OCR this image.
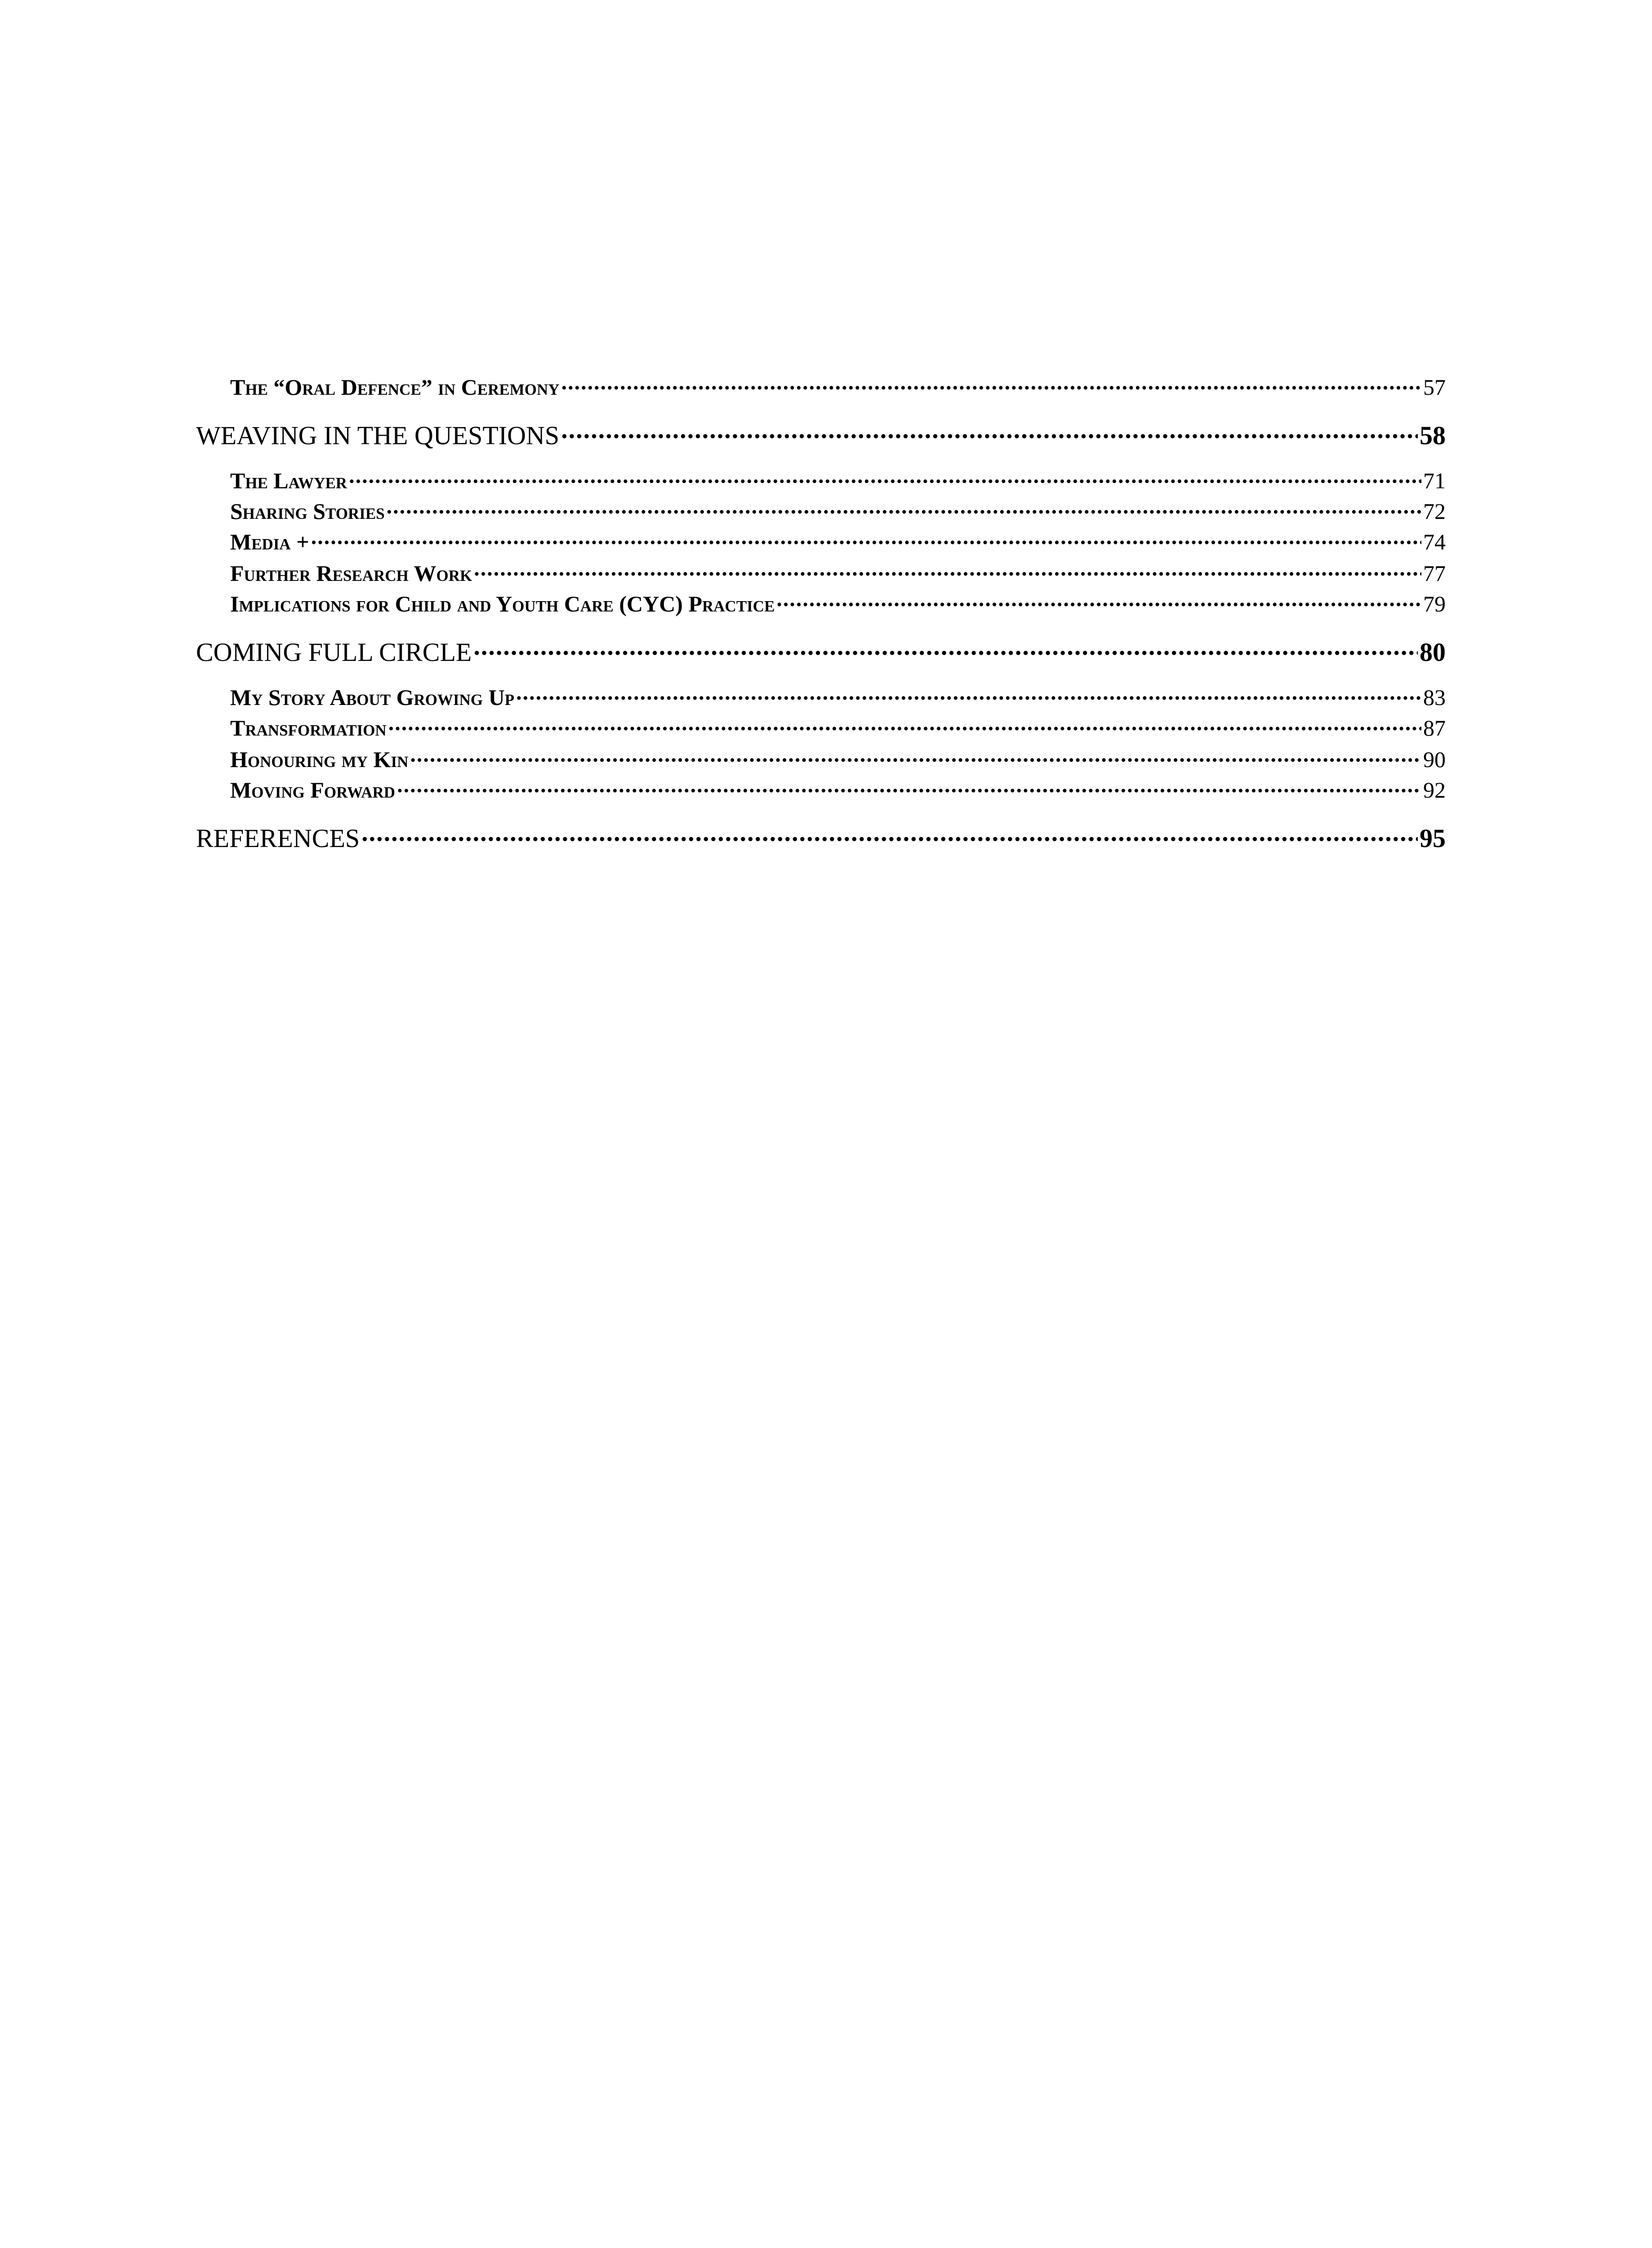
The “Oral Defence” in Ceremony .....	57
WEAVING IN THE QUESTIONS .....	58
The Lawyer .....	71
Sharing Stories .....	72
Media + .....	74
Further Research Work .....	77
Implications for Child and Youth Care (CYC) Practice .....	79
COMING FULL CIRCLE .....	80
My Story About Growing Up .....	83
Transformation .....	87
Honouring my Kin .....	90
Moving Forward .....	92
REFERENCES .....	95
